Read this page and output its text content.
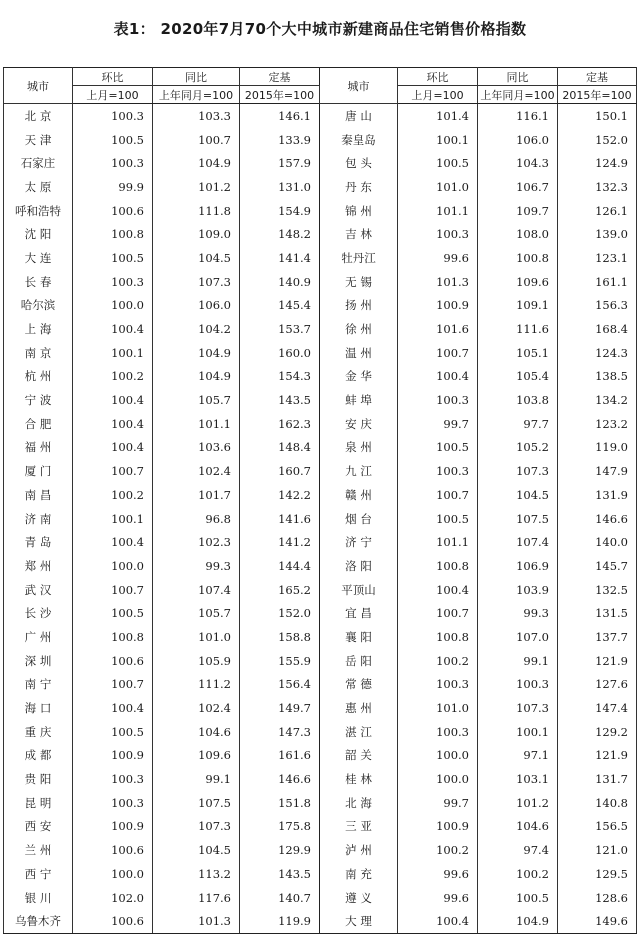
表1： 2020年7月70个大中城市新建商品住宅销售价格指数
城市	环比	同比	定基	城市	环比	同比	定基
	上月=100	上年同月=100	2015年=100		上月=100	上年同月=100	2015年=100
北 京	100.3	103.3	146.1	唐 山	101.4	116.1	150.1
天 津	100.5	100.7	133.9	秦皇岛	100.1	106.0	152.0
石家庄	100.3	104.9	157.9	包 头	100.5	104.3	124.9
太 原	99.9	101.2	131.0	丹 东	101.0	106.7	132.3
呼和浩特	100.6	111.8	154.9	锦 州	101.1	109.7	126.1
沈 阳	100.8	109.0	148.2	吉 林	100.3	108.0	139.0
大 连	100.5	104.5	141.4	牡丹江	99.6	100.8	123.1
长 春	100.3	107.3	140.9	无 锡	101.3	109.6	161.1
哈尔滨	100.0	106.0	145.4	扬 州	100.9	109.1	156.3
上 海	100.4	104.2	153.7	徐 州	101.6	111.6	168.4
南 京	100.1	104.9	160.0	温 州	100.7	105.1	124.3
杭 州	100.2	104.9	154.3	金 华	100.4	105.4	138.5
宁 波	100.4	105.7	143.5	蚌 埠	100.3	103.8	134.2
合 肥	100.4	101.1	162.3	安 庆	99.7	97.7	123.2
福 州	100.4	103.6	148.4	泉 州	100.5	105.2	119.0
厦 门	100.7	102.4	160.7	九 江	100.3	107.3	147.9
南 昌	100.2	101.7	142.2	赣 州	100.7	104.5	131.9
济 南	100.1	96.8	141.6	烟 台	100.5	107.5	146.6
青 岛	100.4	102.3	141.2	济 宁	101.1	107.4	140.0
郑 州	100.0	99.3	144.4	洛 阳	100.8	106.9	145.7
武 汉	100.7	107.4	165.2	平顶山	100.4	103.9	132.5
长 沙	100.5	105.7	152.0	宜 昌	100.7	99.3	131.5
广 州	100.8	101.0	158.8	襄 阳	100.8	107.0	137.7
深 圳	100.6	105.9	155.9	岳 阳	100.2	99.1	121.9
南 宁	100.7	111.2	156.4	常 德	100.3	100.3	127.6
海 口	100.4	102.4	149.7	惠 州	101.0	107.3	147.4
重 庆	100.5	104.6	147.3	湛 江	100.3	100.1	129.2
成 都	100.9	109.6	161.6	韶 关	100.0	97.1	121.9
贵 阳	100.3	99.1	146.6	桂 林	100.0	103.1	131.7
昆 明	100.3	107.5	151.8	北 海	99.7	101.2	140.8
西 安	100.9	107.3	175.8	三 亚	100.9	104.6	156.5
兰 州	100.6	104.5	129.9	泸 州	100.2	97.4	121.0
西 宁	100.0	113.2	143.5	南 充	99.6	100.2	129.5
银 川	102.0	117.6	140.7	遵 义	99.6	100.5	128.6
乌鲁木齐	100.6	101.3	119.9	大 理	100.4	104.9	149.6
